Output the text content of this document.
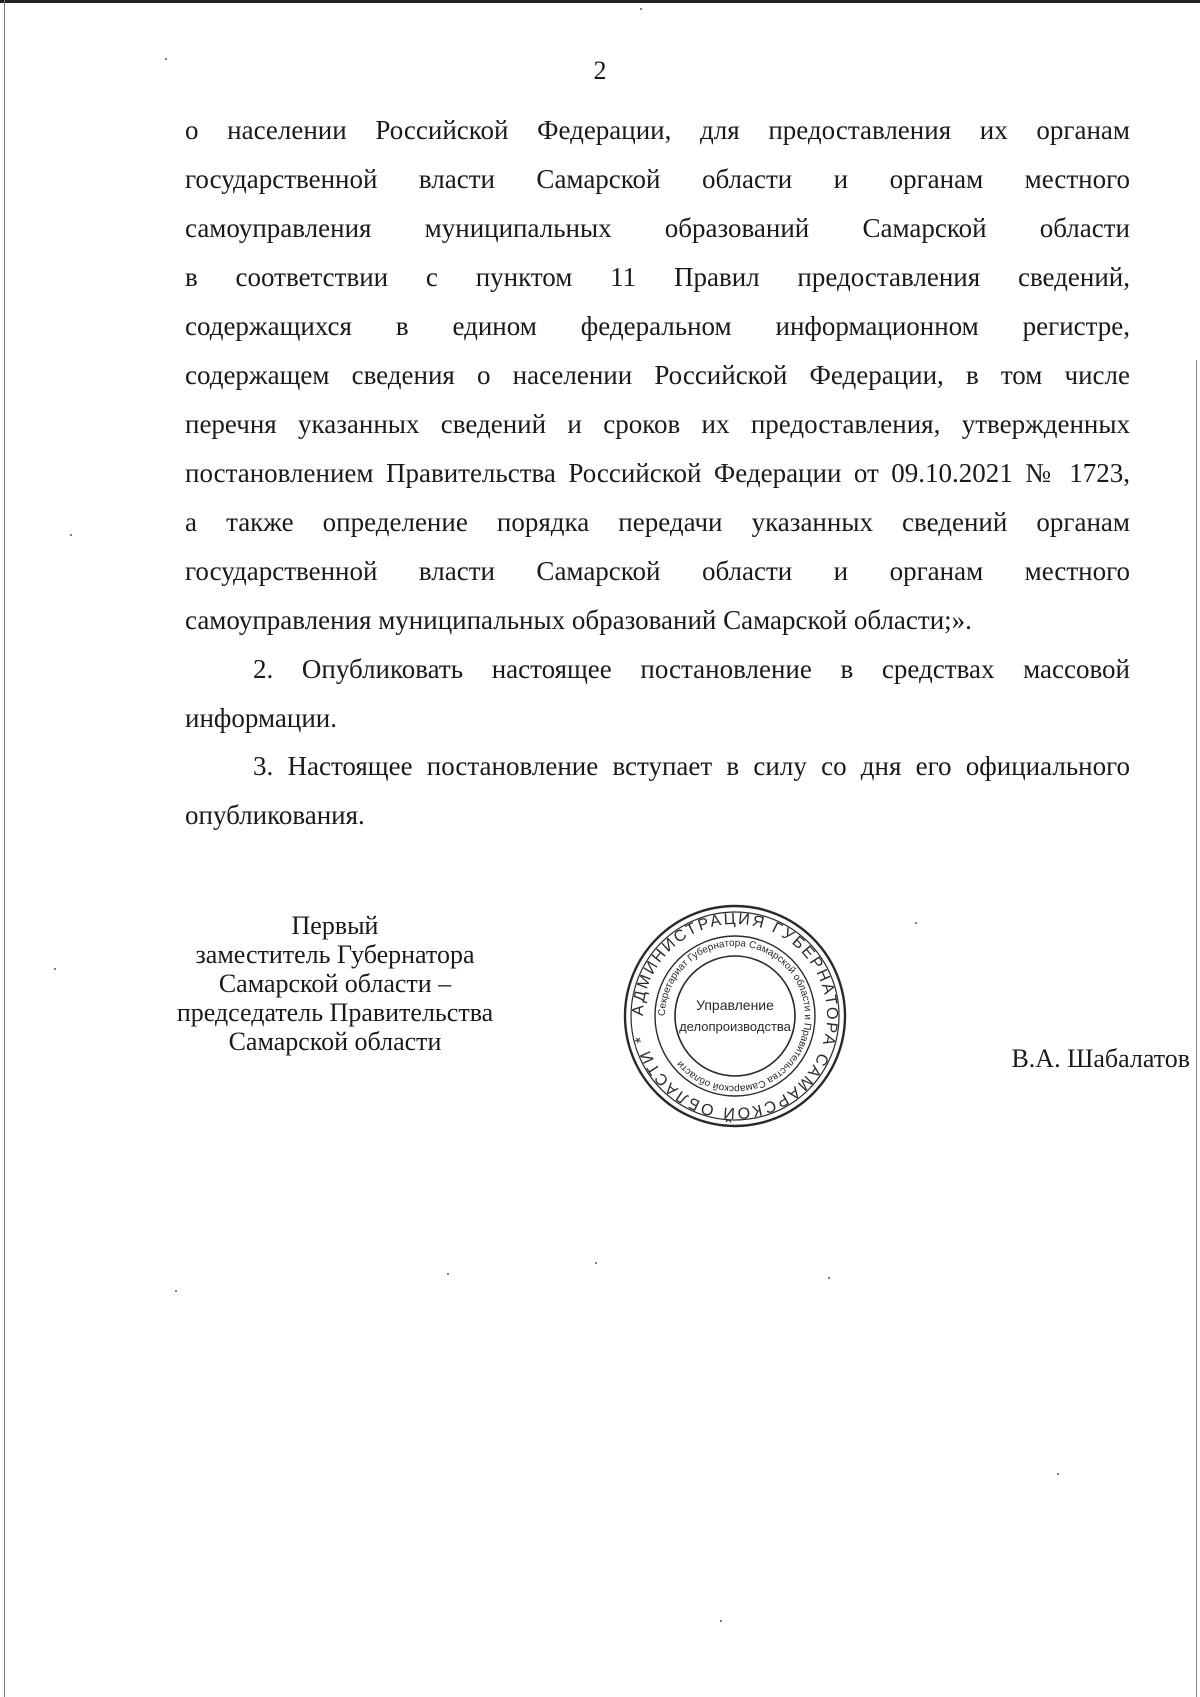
2
о населении Российской Федерации, для предоставления их органам
государственной власти Самарской области и органам местного
самоуправления муниципальных образований Самарской области
в соответствии с пунктом 11 Правил предоставления сведений,
содержащихся в едином федеральном информационном регистре,
содержащем сведения о населении Российской Федерации, в том числе
перечня указанных сведений и сроков их предоставления, утвержденных
постановлением Правительства Российской Федерации от 09.10.2021 № 1723,
а также определение порядка передачи указанных сведений органам
государственной власти Самарской области и органам местного
самоуправления муниципальных образований Самарской области;».
2. Опубликовать настоящее постановление в средствах массовой
информации.
3. Настоящее постановление вступает в силу со дня его официального
опубликования.
Первый
заместитель Губернатора
Самарской области –
председатель Правительства
Самарской области
АДМИНИСТРАЦИЯ ГУБЕРНАТОРА САМАРСКОЙ ОБЛАСТИ *
Секретариат Губернатора Самарской области и Правительства Самарской области
Управление
делопроизводства
В.А. Шабалатов
